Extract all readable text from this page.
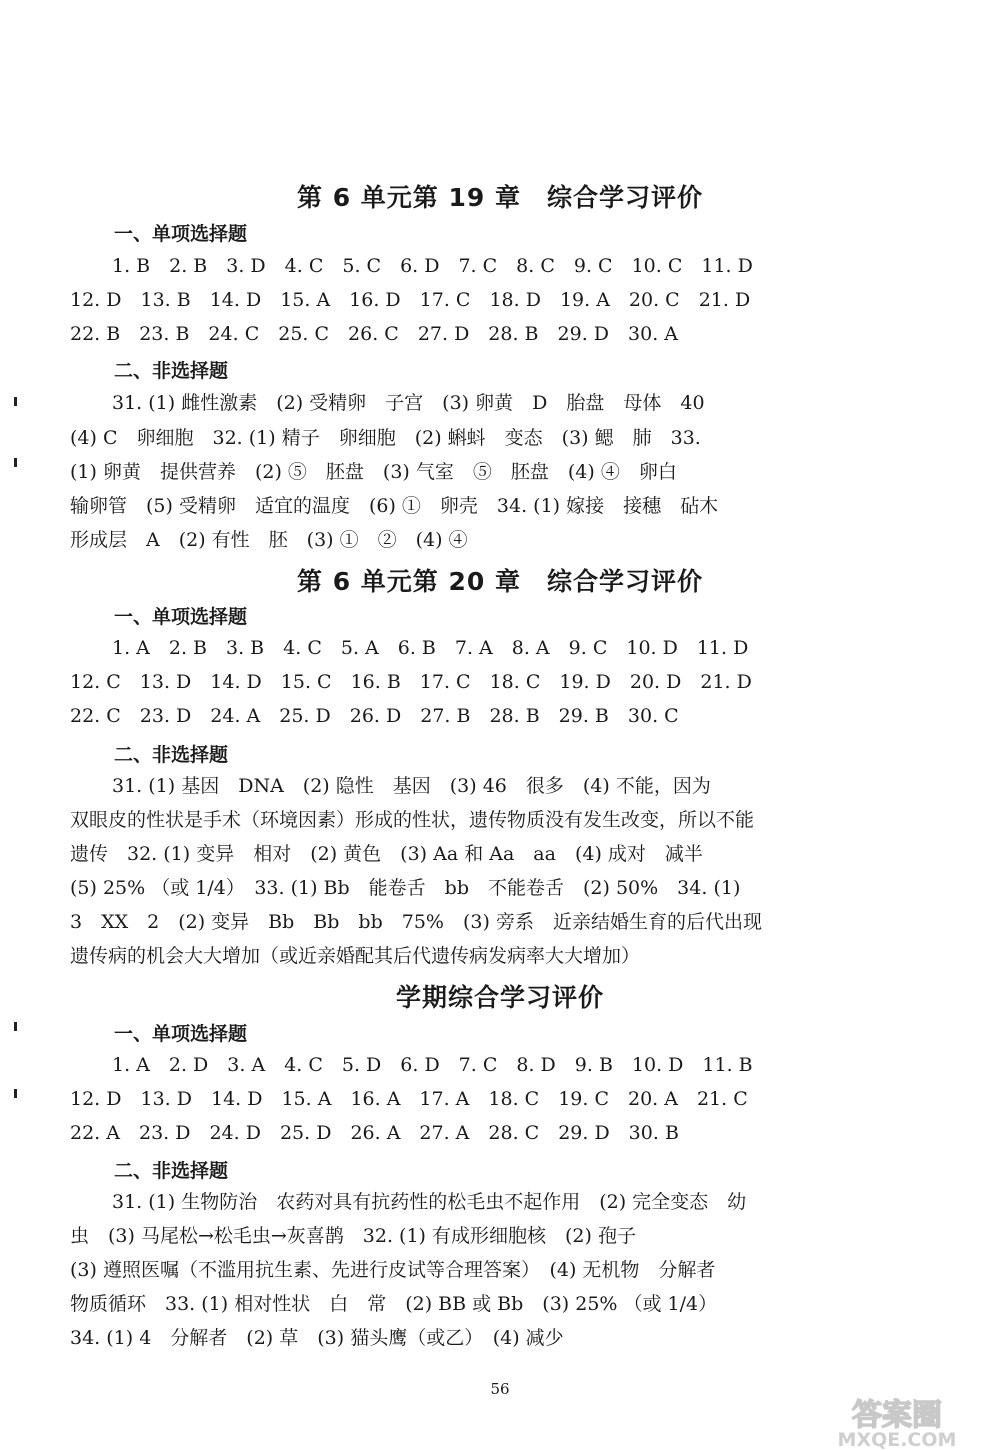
第 6 单元第 19 章　综合学习评价
一、单项选择题
1. B　2. B　3. D　4. C　5. C　6. D　7. C　8. C　9. C　10. C　11. D
12. D　13. B　14. D　15. A　16. D　17. C　18. D　19. A　20. C　21. D
22. B　23. B　24. C　25. C　26. C　27. D　28. B　29. D　30. A
二、非选择题
31. (1) 雌性激素　(2) 受精卵　子宫　(3) 卵黄　D　胎盘　母体　40
(4) C　卵细胞　32. (1) 精子　卵细胞　(2) 蝌蚪　变态　(3) 鳃　肺　33.
(1) 卵黄　提供营养　(2) ⑤　胚盘　(3) 气室　⑤　胚盘　(4) ④　卵白
输卵管　(5) 受精卵　适宜的温度　(6) ①　卵壳　34. (1) 嫁接　接穗　砧木
形成层　A　(2) 有性　胚　(3) ①　②　(4) ④
第 6 单元第 20 章　综合学习评价
一、单项选择题
1. A　2. B　3. B　4. C　5. A　6. B　7. A　8. A　9. C　10. D　11. D
12. C　13. D　14. D　15. C　16. B　17. C　18. C　19. D　20. D　21. D
22. C　23. D　24. A　25. D　26. D　27. B　28. B　29. B　30. C
二、非选择题
31. (1) 基因　DNA　(2) 隐性　基因　(3) 46　很多　(4) 不能，因为
双眼皮的性状是手术（环境因素）形成的性状，遗传物质没有发生改变，所以不能
遗传　32. (1) 变异　相对　(2) 黄色　(3) Aa 和 Aa　aa　(4) 成对　减半
(5) 25% （或 1/4）　33. (1) Bb　能卷舌　bb　不能卷舌　(2) 50%　34. (1)
3　XX　2　(2) 变异　Bb　Bb　bb　75%　(3) 旁系　近亲结婚生育的后代出现
遗传病的机会大大增加（或近亲婚配其后代遗传病发病率大大增加）
学期综合学习评价
一、单项选择题
1. A　2. D　3. A　4. C　5. D　6. D　7. C　8. D　9. B　10. D　11. B
12. D　13. D　14. D　15. A　16. A　17. A　18. C　19. C　20. A　21. C
22. A　23. D　24. D　25. D　26. A　27. A　28. C　29. D　30. B
二、非选择题
31. (1) 生物防治　农药对具有抗药性的松毛虫不起作用　(2) 完全变态　幼
虫　(3) 马尾松→松毛虫→灰喜鹊　32. (1) 有成形细胞核　(2) 孢子
(3) 遵照医嘱（不滥用抗生素、先进行皮试等合理答案）　(4) 无机物　分解者
物质循环　33. (1) 相对性状　白　常　(2) BB 或 Bb　(3) 25% （或 1/4）
34. (1) 4　分解者　(2) 草　(3) 猫头鹰（或乙）　(4) 减少
56
答案圈
MXQE.COM
